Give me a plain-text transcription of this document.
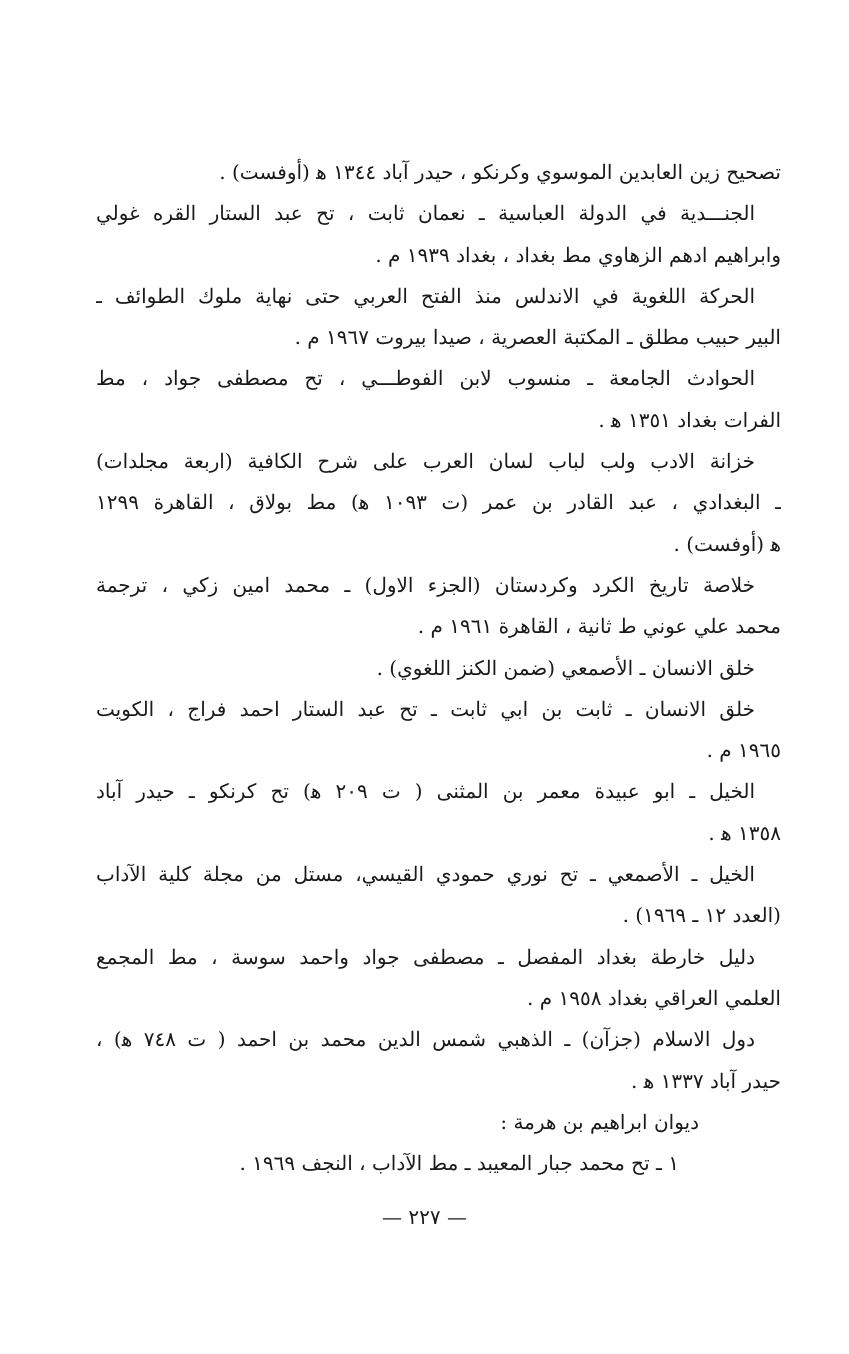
تصحيح زين العابدين الموسوي وكرنكو ، حيدر آباد ١٣٤٤ ﻫ (أوفست) .
الجنـــدية في الدولة العباسية ـ نعمان ثابت ، تح عبد الستار القره غولي
وابراهيم ادهم الزهاوي مط بغداد ، بغداد ١٩٣٩ م .
الحركة اللغوية في الاندلس منذ الفتح العربي حتى نهاية ملوك الطوائف ـ
البير حبيب مطلق ـ المكتبة العصرية ، صيدا بيروت ١٩٦٧ م .
الحوادث الجامعة ـ منسوب لابن الفوطـــي ، تح مصطفى جواد ، مط
الفرات بغداد ١٣٥١ ﻫ .
خزانة الادب ولب لباب لسان العرب على شرح الكافية (اربعة مجلدات)
ـ البغدادي ، عبد القادر بن عمر (ت ١٠٩٣ ﻫ) مط بولاق ، القاهرة ١٢٩٩
ﻫ (أوفست) .
خلاصة تاريخ الكرد وكردستان (الجزء الاول) ـ محمد امين زكي ، ترجمة
محمد علي عوني ط ثانية ، القاهرة ١٩٦١ م .
خلق الانسان ـ الأصمعي (ضمن الكنز اللغوي) .
خلق الانسان ـ ثابت بن ابي ثابت ـ تح عبد الستار احمد فراج ، الكويت
١٩٦٥ م .
الخيل ـ ابو عبيدة معمر بن المثنى ( ت ٢٠٩ ﻫ) تح كرنكو ـ حيدر آباد
١٣٥٨ ﻫ .
الخيل ـ الأصمعي ـ تح نوري حمودي القيسي، مستل من مجلة كلية الآداب
(العدد ١٢ ـ ١٩٦٩) .
دليل خارطة بغداد المفصل ـ مصطفى جواد واحمد سوسة ، مط المجمع
العلمي العراقي بغداد ١٩٥٨ م .
دول الاسلام (جزآن) ـ الذهبي شمس الدين محمد بن احمد ( ت ٧٤٨ ﻫ) ،
حيدر آباد ١٣٣٧ ﻫ .
ديوان ابراهيم بن هرمة :
١ ـ تح محمد جبار المعيبد ـ مط الآداب ، النجف ١٩٦٩ .
— ٢٢٧ —
